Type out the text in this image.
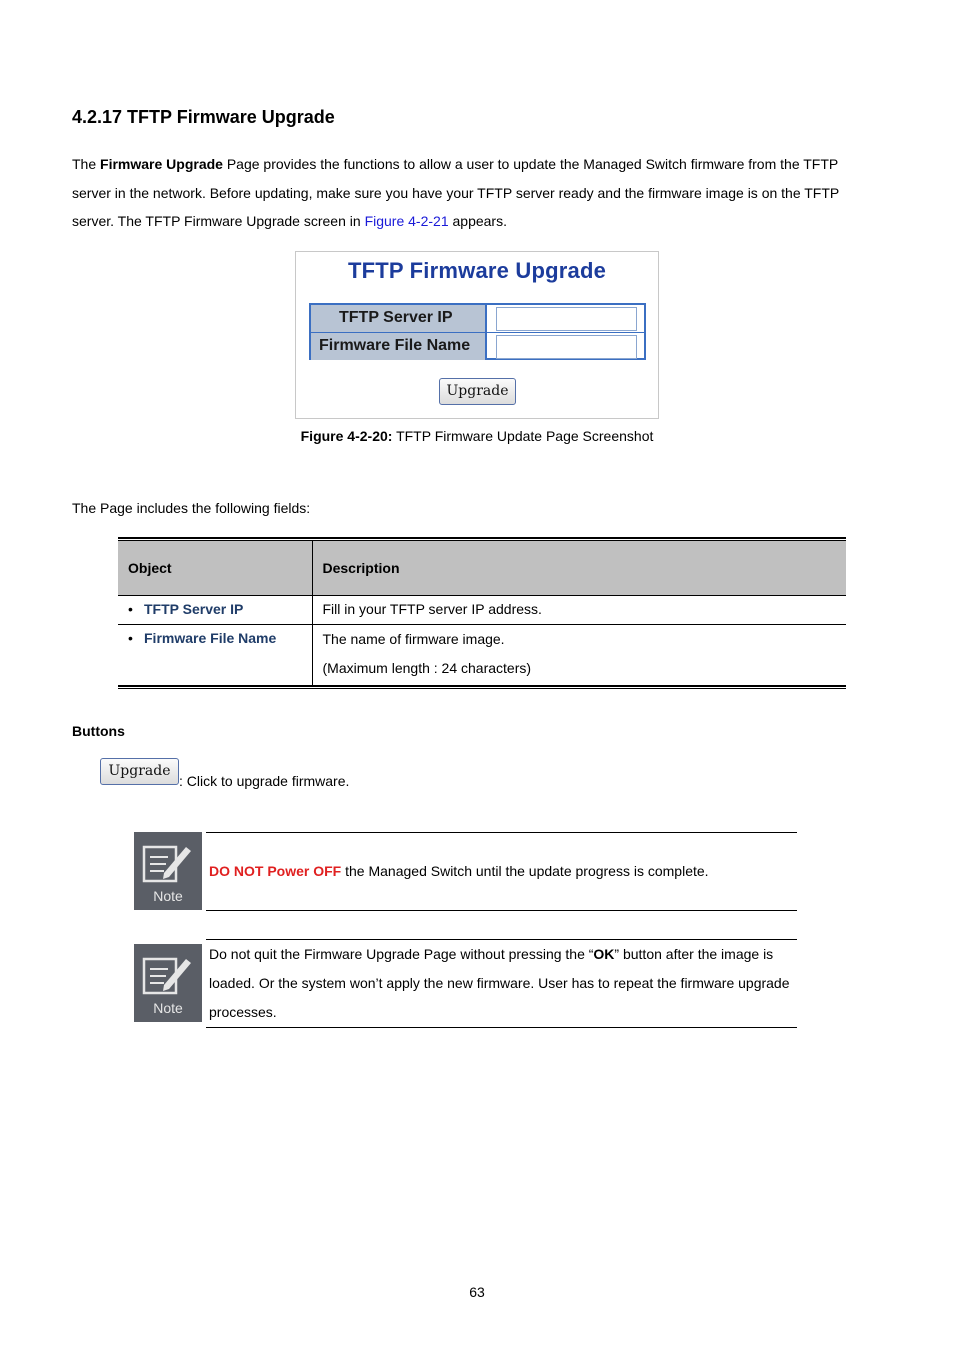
4.2.17 TFTP Firmware Upgrade
The Firmware Upgrade Page provides the functions to allow a user to update the Managed Switch firmware from the TFTP server in the network. Before updating, make sure you have your TFTP server ready and the firmware image is on the TFTP server. The TFTP Firmware Upgrade screen in Figure 4-2-21 appears.
TFTP Firmware Upgrade
TFTP Server IP
Firmware File Name
Upgrade
Figure 4-2-20: TFTP Firmware Update Page Screenshot
The Page includes the following fields:
Object	Description
• TFTP Server IP	Fill in your TFTP server IP address.
• Firmware File Name	The name of firmware image.
(Maximum length : 24 characters)
Buttons
Upgrade
: Click to upgrade firmware.
Note
DO NOT Power OFF the Managed Switch until the update progress is complete.
Note
Do not quit the Firmware Upgrade Page without pressing the “OK” button after the image is loaded. Or the system won’t apply the new firmware. User has to repeat the firmware upgrade processes.
63
